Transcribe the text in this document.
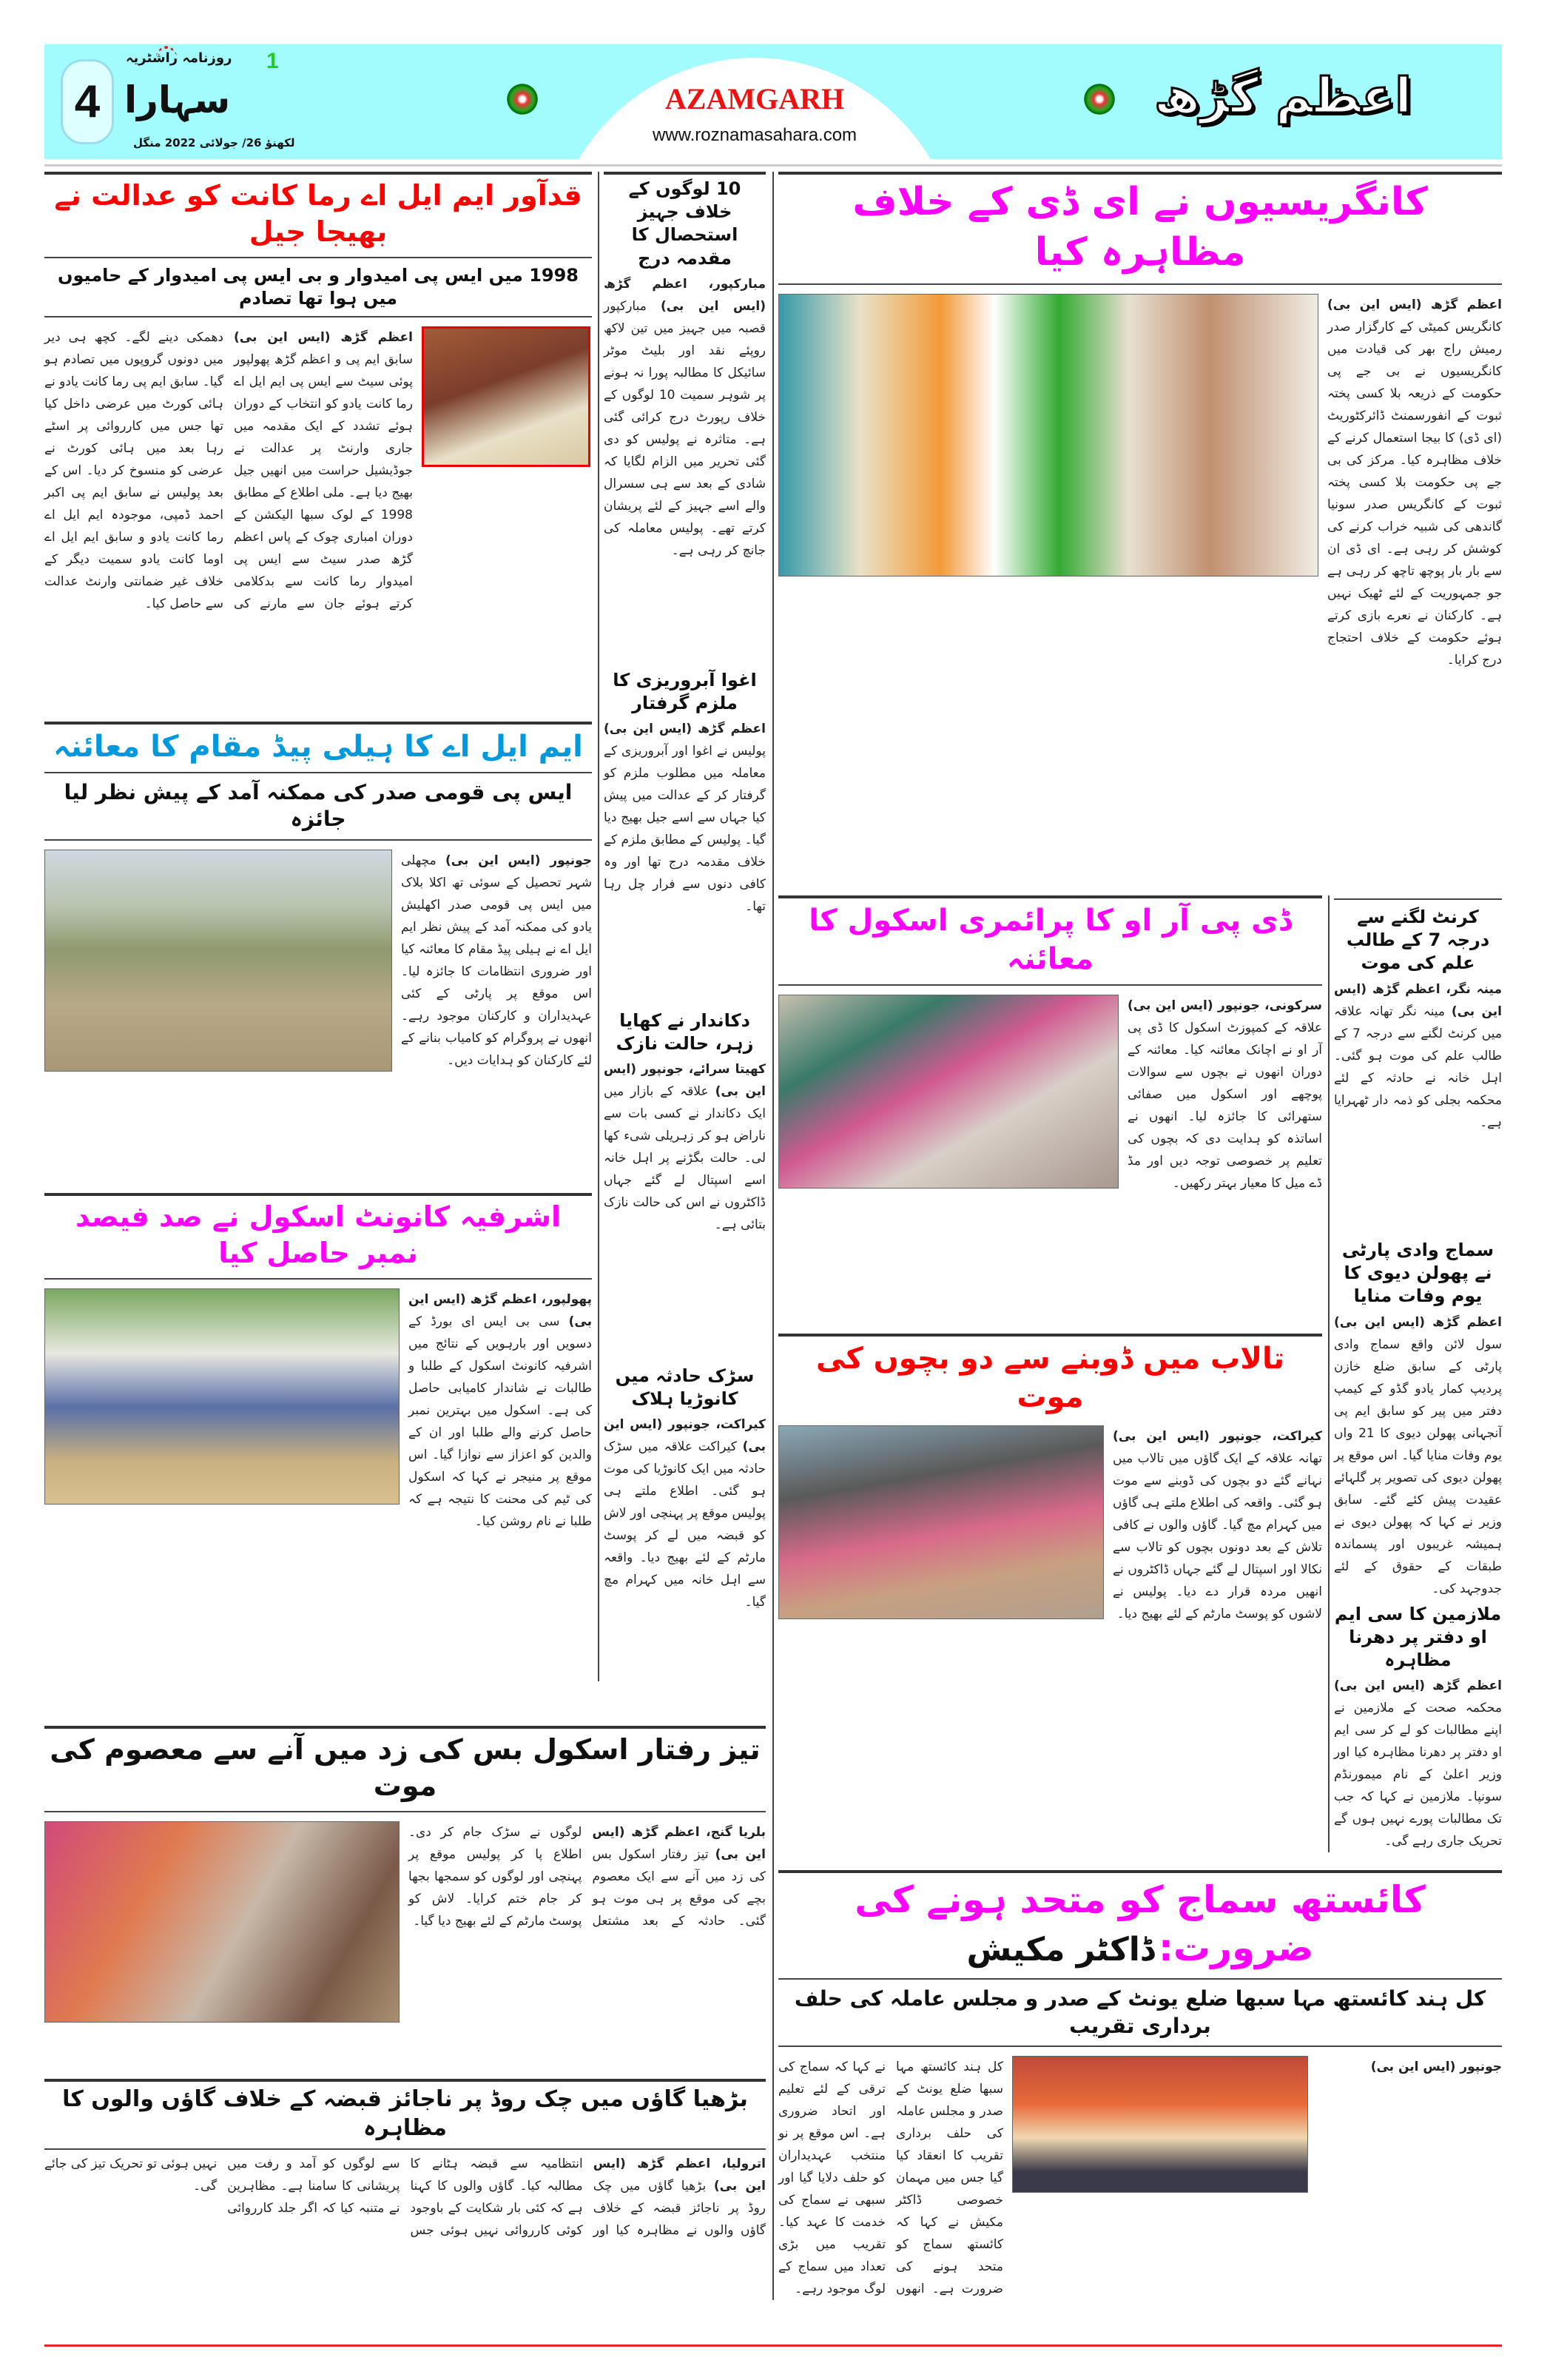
4
1
روزنامہ راشٹریہ
سہارا
لکھنؤ 26/ جولائی 2022 منگل
AZAMGARH
www.roznamasahara.com
اعظم گڑھ
قدآور ایم ایل اے رما کانت کو عدالت نے بھیجا جیل
1998 میں ایس پی امیدوار و بی ایس پی امیدوار کے حامیوں میں ہوا تھا تصادم
اعظم گڑھ (ایس این بی) سابق ایم پی و اعظم گڑھ پھولپور پوئی سیٹ سے ایس پی ایم ایل اے رما کانت یادو کو انتخاب کے دوران ہوئے تشدد کے ایک مقدمہ میں جاری وارنٹ پر عدالت نے جوڈیشیل حراست میں انھیں جیل بھیج دیا ہے۔ ملی اطلاع کے مطابق 1998 کے لوک سبھا الیکشن کے دوران امباری چوک کے پاس اعظم گڑھ صدر سیٹ سے ایس پی امیدوار رما کانت سے بدکلامی کرتے ہوئے جان سے مارنے کی دھمکی دینے لگے۔ کچھ ہی دیر میں دونوں گروپوں میں تصادم ہو گیا۔ سابق ایم پی رما کانت یادو نے ہائی کورٹ میں عرضی داخل کیا تھا جس میں کارروائی پر اسٹے رہا بعد میں ہائی کورٹ نے عرضی کو منسوخ کر دیا۔ اس کے بعد پولیس نے سابق ایم پی اکبر احمد ڈمپی، موجودہ ایم ایل اے رما کانت یادو و سابق ایم ایل اے اوما کانت یادو سمیت دیگر کے خلاف غیر ضمانتی وارنٹ عدالت سے حاصل کیا۔
ایم ایل اے کا ہیلی پیڈ مقام کا معائنہ
ایس پی قومی صدر کی ممکنہ آمد کے پیش نظر لیا جائزہ
جونپور (ایس این بی) مچھلی شہر تحصیل کے سوئی تھ اکلا بلاک میں ایس پی قومی صدر اکھلیش یادو کی ممکنہ آمد کے پیش نظر ایم ایل اے نے ہیلی پیڈ مقام کا معائنہ کیا اور ضروری انتظامات کا جائزہ لیا۔ اس موقع پر پارٹی کے کئی عہدیداران و کارکنان موجود رہے۔ انھوں نے پروگرام کو کامیاب بنانے کے لئے کارکنان کو ہدایات دیں۔
اشرفیہ کانونٹ اسکول نے صد فیصد نمبر حاصل کیا
پھولپور، اعظم گڑھ (ایس این بی) سی بی ایس ای بورڈ کے دسویں اور بارہویں کے نتائج میں اشرفیہ کانونٹ اسکول کے طلبا و طالبات نے شاندار کامیابی حاصل کی ہے۔ اسکول میں بہترین نمبر حاصل کرنے والے طلبا اور ان کے والدین کو اعزاز سے نوازا گیا۔ اس موقع پر منیجر نے کہا کہ اسکول کی ٹیم کی محنت کا نتیجہ ہے کہ طلبا نے نام روشن کیا۔
10 لوگوں کے خلاف جہیز استحصال کا مقدمہ درج
مبارکپور، اعظم گڑھ (ایس این بی) مبارکپور قصبہ میں جہیز میں تین لاکھ روپئے نقد اور بلیٹ موٹر سائیکل کا مطالبہ پورا نہ ہونے پر شوہر سمیت 10 لوگوں کے خلاف رپورٹ درج کرائی گئی ہے۔ متاثرہ نے پولیس کو دی گئی تحریر میں الزام لگایا کہ شادی کے بعد سے ہی سسرال والے اسے جہیز کے لئے پریشان کرتے تھے۔ پولیس معاملہ کی جانچ کر رہی ہے۔
اغوا آبروریزی کا ملزم گرفتار
اعظم گڑھ (ایس این بی) پولیس نے اغوا اور آبروریزی کے معاملہ میں مطلوب ملزم کو گرفتار کر کے عدالت میں پیش کیا جہاں سے اسے جیل بھیج دیا گیا۔ پولیس کے مطابق ملزم کے خلاف مقدمہ درج تھا اور وہ کافی دنوں سے فرار چل رہا تھا۔
دکاندار نے کھایا زہر، حالت نازک
کھیتا سرائے، جونپور (ایس این بی) علاقہ کے بازار میں ایک دکاندار نے کسی بات سے ناراض ہو کر زہریلی شیء کھا لی۔ حالت بگڑنے پر اہل خانہ اسے اسپتال لے گئے جہاں ڈاکٹروں نے اس کی حالت نازک بتائی ہے۔
سڑک حادثہ میں کانوڑیا ہلاک
کیراکت، جونپور (ایس این بی) کیراکت علاقہ میں سڑک حادثہ میں ایک کانوڑیا کی موت ہو گئی۔ اطلاع ملتے ہی پولیس موقع پر پہنچی اور لاش کو قبضہ میں لے کر پوسٹ مارٹم کے لئے بھیج دیا۔ واقعہ سے اہل خانہ میں کہرام مچ گیا۔
تیز رفتار اسکول بس کی زد میں آنے سے معصوم کی موت
بلریا گنج، اعظم گڑھ (ایس این بی) تیز رفتار اسکول بس کی زد میں آنے سے ایک معصوم بچے کی موقع پر ہی موت ہو گئی۔ حادثہ کے بعد مشتعل لوگوں نے سڑک جام کر دی۔ اطلاع پا کر پولیس موقع پر پہنچی اور لوگوں کو سمجھا بجھا کر جام ختم کرایا۔ لاش کو پوسٹ مارٹم کے لئے بھیج دیا گیا۔
بڑھیا گاؤں میں چک روڈ پر ناجائز قبضہ کے خلاف گاؤں والوں کا مظاہرہ
اترولیا، اعظم گڑھ (ایس این بی) بڑھیا گاؤں میں چک روڈ پر ناجائز قبضہ کے خلاف گاؤں والوں نے مظاہرہ کیا اور انتظامیہ سے قبضہ ہٹانے کا مطالبہ کیا۔ گاؤں والوں کا کہنا ہے کہ کئی بار شکایت کے باوجود کوئی کارروائی نہیں ہوئی جس سے لوگوں کو آمد و رفت میں پریشانی کا سامنا ہے۔ مظاہرین نے متنبہ کیا کہ اگر جلد کارروائی نہیں ہوئی تو تحریک تیز کی جائے گی۔
کانگریسیوں نے ای ڈی کے خلاف مظاہرہ کیا
اعظم گڑھ (ایس این بی) کانگریس کمیٹی کے کارگزار صدر رمیش راج بھر کی قیادت میں کانگریسیوں نے بی جے پی حکومت کے ذریعہ بلا کسی پختہ ثبوت کے انفورسمنٹ ڈائرکٹوریٹ (ای ڈی) کا بیجا استعمال کرنے کے خلاف مظاہرہ کیا۔ مرکز کی بی جے پی حکومت بلا کسی پختہ ثبوت کے کانگریس صدر سونیا گاندھی کی شبیہ خراب کرنے کی کوشش کر رہی ہے۔ ای ڈی ان سے بار بار پوچھ تاچھ کر رہی ہے جو جمہوریت کے لئے ٹھیک نہیں ہے۔ کارکنان نے نعرے بازی کرتے ہوئے حکومت کے خلاف احتجاج درج کرایا۔
ڈی پی آر او کا پرائمری اسکول کا معائنہ
سرکونی، جونپور (ایس این بی) علاقہ کے کمپوزٹ اسکول کا ڈی پی آر او نے اچانک معائنہ کیا۔ معائنہ کے دوران انھوں نے بچوں سے سوالات پوچھے اور اسکول میں صفائی ستھرائی کا جائزہ لیا۔ انھوں نے اساتذہ کو ہدایت دی کہ بچوں کی تعلیم پر خصوصی توجہ دیں اور مڈ ڈے میل کا معیار بہتر رکھیں۔
تالاب میں ڈوبنے سے دو بچوں کی موت
کیراکت، جونپور (ایس این بی) تھانہ علاقہ کے ایک گاؤں میں تالاب میں نہانے گئے دو بچوں کی ڈوبنے سے موت ہو گئی۔ واقعہ کی اطلاع ملتے ہی گاؤں میں کہرام مچ گیا۔ گاؤں والوں نے کافی تلاش کے بعد دونوں بچوں کو تالاب سے نکالا اور اسپتال لے گئے جہاں ڈاکٹروں نے انھیں مردہ قرار دے دیا۔ پولیس نے لاشوں کو پوسٹ مارٹم کے لئے بھیج دیا۔
کرنٹ لگنے سے درجہ 7 کے طالب علم کی موت
مینہ نگر، اعظم گڑھ (ایس این بی) مینہ نگر تھانہ علاقہ میں کرنٹ لگنے سے درجہ 7 کے طالب علم کی موت ہو گئی۔ اہل خانہ نے حادثہ کے لئے محکمہ بجلی کو ذمہ دار ٹھہرایا ہے۔
سماج وادی پارٹی نے پھولن دیوی کا یوم وفات منایا
اعظم گڑھ (ایس این بی) سول لائن واقع سماج وادی پارٹی کے سابق ضلع خازن پردیپ کمار یادو گڈو کے کیمپ دفتر میں پیر کو سابق ایم پی آنجہانی پھولن دیوی کا 21 واں یوم وفات منایا گیا۔ اس موقع پر پھولن دیوی کی تصویر پر گلہائے عقیدت پیش کئے گئے۔ سابق وزیر نے کہا کہ پھولن دیوی نے ہمیشہ غریبوں اور پسماندہ طبقات کے حقوق کے لئے جدوجہد کی۔
ملازمین کا سی ایم او دفتر پر دھرنا مظاہرہ
اعظم گڑھ (ایس این بی) محکمہ صحت کے ملازمین نے اپنے مطالبات کو لے کر سی ایم او دفتر پر دھرنا مظاہرہ کیا اور وزیر اعلیٰ کے نام میمورنڈم سونپا۔ ملازمین نے کہا کہ جب تک مطالبات پورے نہیں ہوں گے تحریک جاری رہے گی۔
کائستھ سماج کو متحد ہونے کی ضرورت: ڈاکٹر مکیش
کل ہند کائستھ مہا سبھا ضلع یونٹ کے صدر و مجلس عاملہ کی حلف برداری تقریب
کل ہند کائستھ مہا سبھا ضلع یونٹ کے صدر و مجلس عاملہ کی حلف برداری تقریب کا انعقاد کیا گیا جس میں مہمان خصوصی ڈاکٹر مکیش نے کہا کہ کائستھ سماج کو متحد ہونے کی ضرورت ہے۔ انھوں نے کہا کہ سماج کی ترقی کے لئے تعلیم اور اتحاد ضروری ہے۔ اس موقع پر نو منتخب عہدیداران کو حلف دلایا گیا اور سبھی نے سماج کی خدمت کا عہد کیا۔ تقریب میں بڑی تعداد میں سماج کے لوگ موجود رہے۔
جونپور (ایس این بی)
